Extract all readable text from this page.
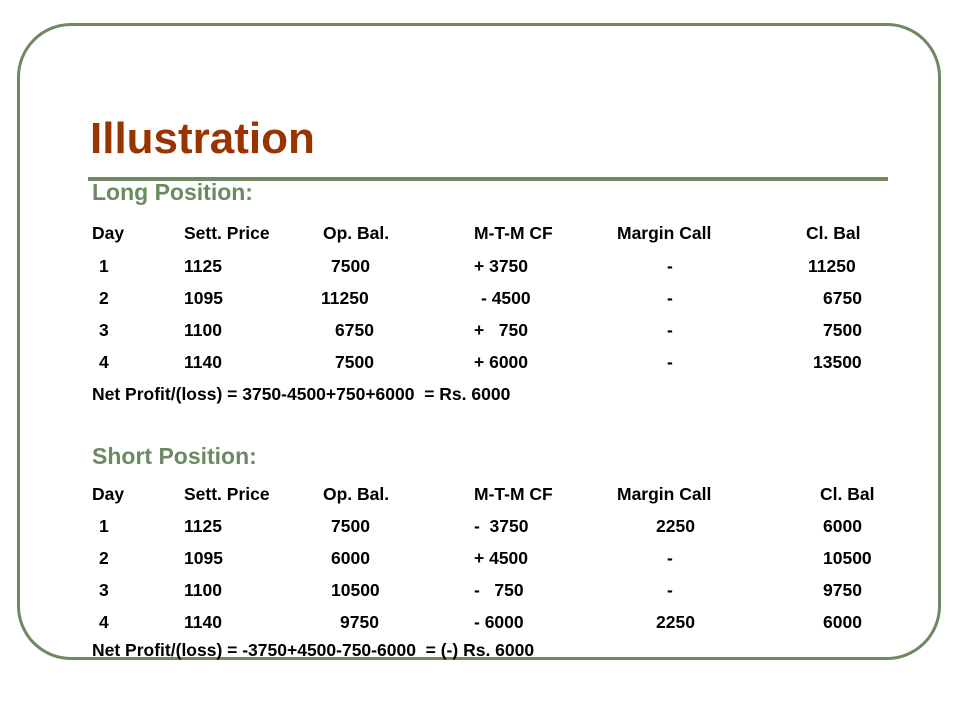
Illustration
Long Position:
Day	Sett. Price	Op. Bal.	M-T-M CF	Margin Call	Cl. Bal
1	1125	7500	+ 3750	-	11250
2	1095	11250	- 4500	-	6750
3	1100	6750	+   750	-	7500
4	1140	7500	+ 6000	-	13500
Net Profit/(loss) = 3750-4500+750+6000  = Rs. 6000
Short Position:
Day	Sett. Price	Op. Bal.	M-T-M CF	Margin Call	Cl. Bal
1	1125	7500	-  3750	2250	6000
2	1095	6000	+ 4500	-	10500
3	1100	10500	-   750	-	9750
4	1140	9750	- 6000	2250	6000
Net Profit/(loss) = -3750+4500-750-6000  = (-) Rs. 6000
